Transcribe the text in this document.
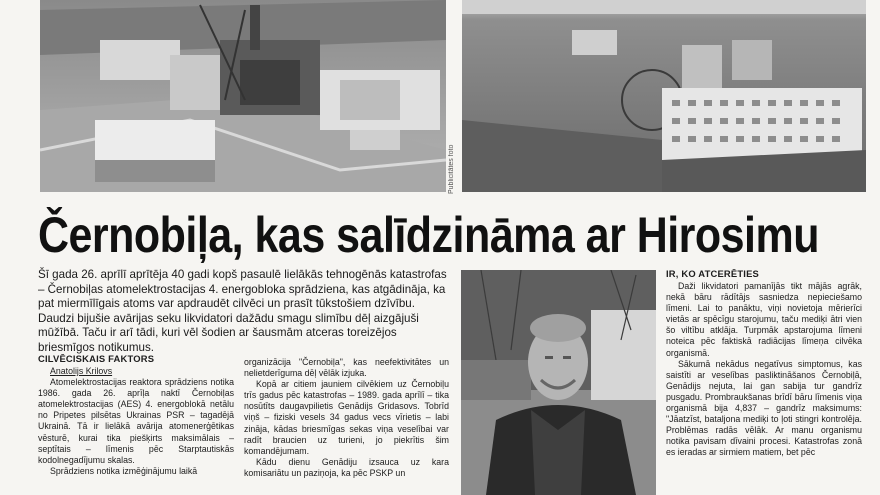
Publicitātes foto
Černobiļa, kas salīdzināma ar Hirosimu

Šī gada 26. aprīlī aprītēja 40 gadi kopš pasaulē lielākās tehnogēnās katastrofas – Černobiļas atomelektrostacijas 4. energobloka sprādziena, kas atgādināja, ka pat miermīlīgais atoms var apdraudēt cilvēci un prasīt tūkstošiem dzīvību. Daudzi bijušie avārijas seku likvidatori dažādu smagu slimību dēļ aizgājuši mūžībā. Taču ir arī tādi, kuri vēl šodien ar šausmām atceras toreizējos briesmīgos notikumus.

CILVĒCISKAIS FAKTORS

Anatolijs Krilovs

Atomelektrostacijas reaktora sprādziens notika 1986. gada 26. aprīļa naktī Černobiļas atomelektrostacijas (AES) 4. energoblokā netālu no Pripetes pilsētas Ukrainas PSR – tagadējā Ukrainā. Tā ir lielākā avārija atomenerģētikas vēsturē, kurai tika piešķirts maksimālais – septītais – līmenis pēc Starptautiskās kodolnegadījumu skalas.

Sprādziens notika izmēģinājumu laikā

organizācija "Černobiļa", kas neefektivitātes un nelietderīguma dēļ vēlāk izjuka.

Kopā ar citiem jauniem cilvēkiem uz Černobiļu trīs gadus pēc katastrofas – 1989. gada aprīlī – tika nosūtīts daugavpilietis Genādijs Gridasovs. Tobrīd viņš – fiziski vesels 34 gadus vecs vīrietis – labi zināja, kādas briesmīgas sekas viņa veselībai var radīt braucien uz turieni, jo piekrītis šim komandējumam.

Kādu dienu Genādiju izsauca uz kara komisariātu un paziņoja, ka pēc PSKP un

IR, KO ATCERĒTIES

Daži likvidatori pamanījās tikt mājās agrāk, nekā bāru rādītājs sasniedza nepieciešamo līmeni. Lai to panāktu, viņi novietoja mērierīci vietās ar spēcīgu starojumu, taču mediķi ātri vien šo viltību atklāja. Turpmāk apstarojuma līmeni noteica pēc faktiskā radiācijas līmeņa cilvēka organismā.

Sākumā nekādus negatīvus simptomus, kas saistīti ar veselības pasliktināšanos Černobiļā, Genādijs nejuta, lai gan sabija tur gandrīz pusgadu. Prombraukšanas brīdī bāru līmenis viņa organismā bija 4,837 – gandrīz maksimums: "Jāatzīst, bataljona mediķi to ļoti stingri kontrolēja. Problēmas radās vēlāk. Ar manu organismu notika pavisam dīvaini procesi. Katastrofas zonā es ieradas ar sirmiem matiem, bet pēc
